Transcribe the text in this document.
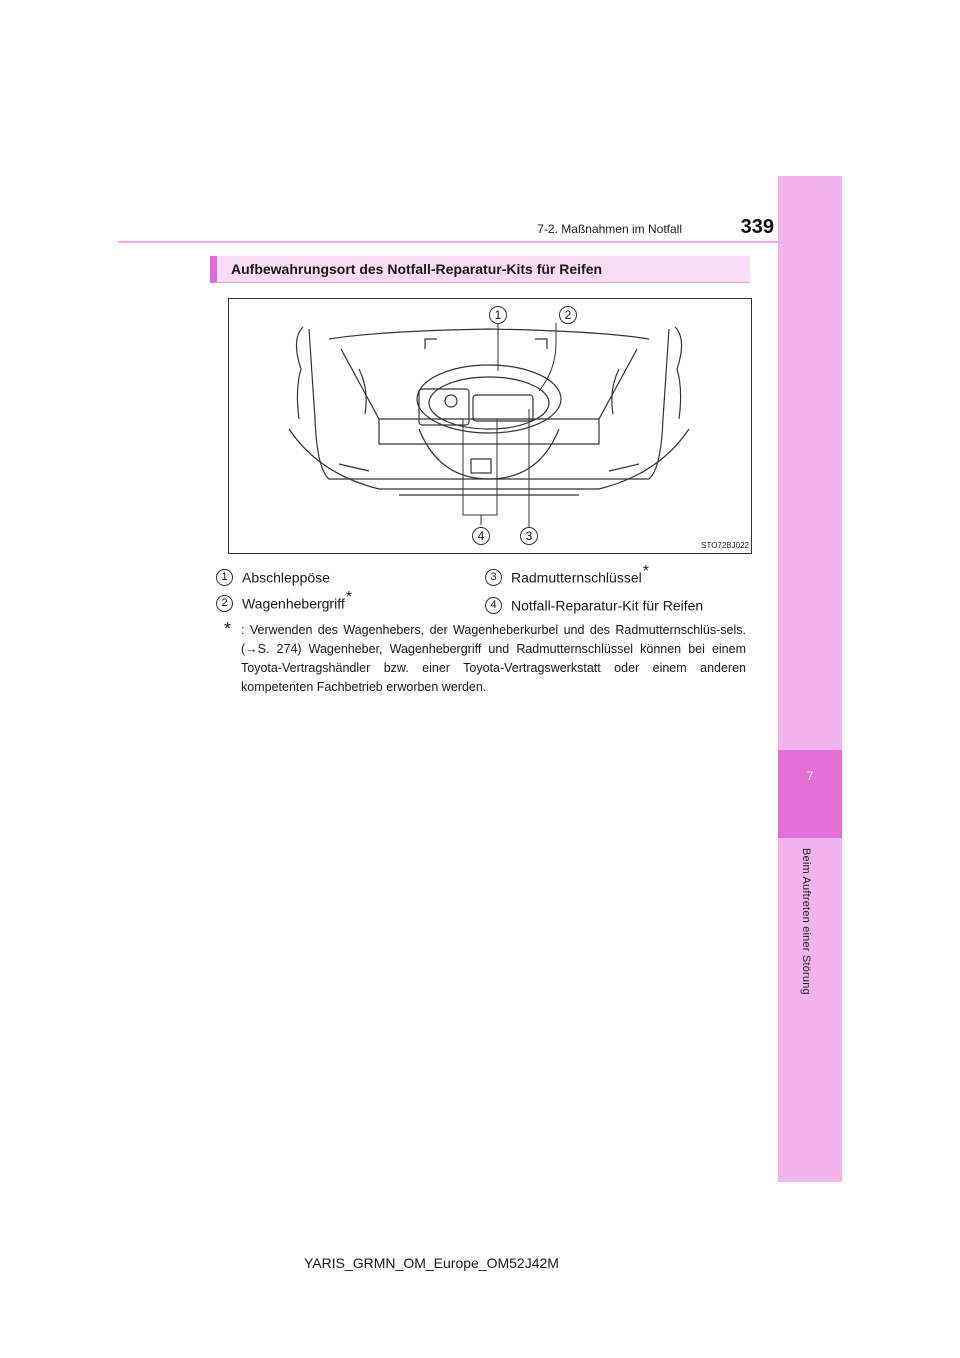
7
Beim Auftreten einer Störung
7-2. Maßnahmen im Notfall	339
Aufbewahrungsort des Notfall-Reparatur-Kits für Reifen
1	2
4	3
STO72BJ022
1 Abschleppöse
2 Wagenhebergriff*
3 Radmutternschlüssel*
4 Notfall-Reparatur-Kit für Reifen
* : Verwenden des Wagenhebers, der Wagenheberkurbel und des Radmutternschlüs-sels. (→S. 274) Wagenheber, Wagenhebergriff und Radmutternschlüssel können bei einem Toyota-Vertragshändler bzw. einer Toyota-Vertragswerkstatt oder einem anderen kompetenten Fachbetrieb erworben werden.
YARIS_GRMN_OM_Europe_OM52J42M
